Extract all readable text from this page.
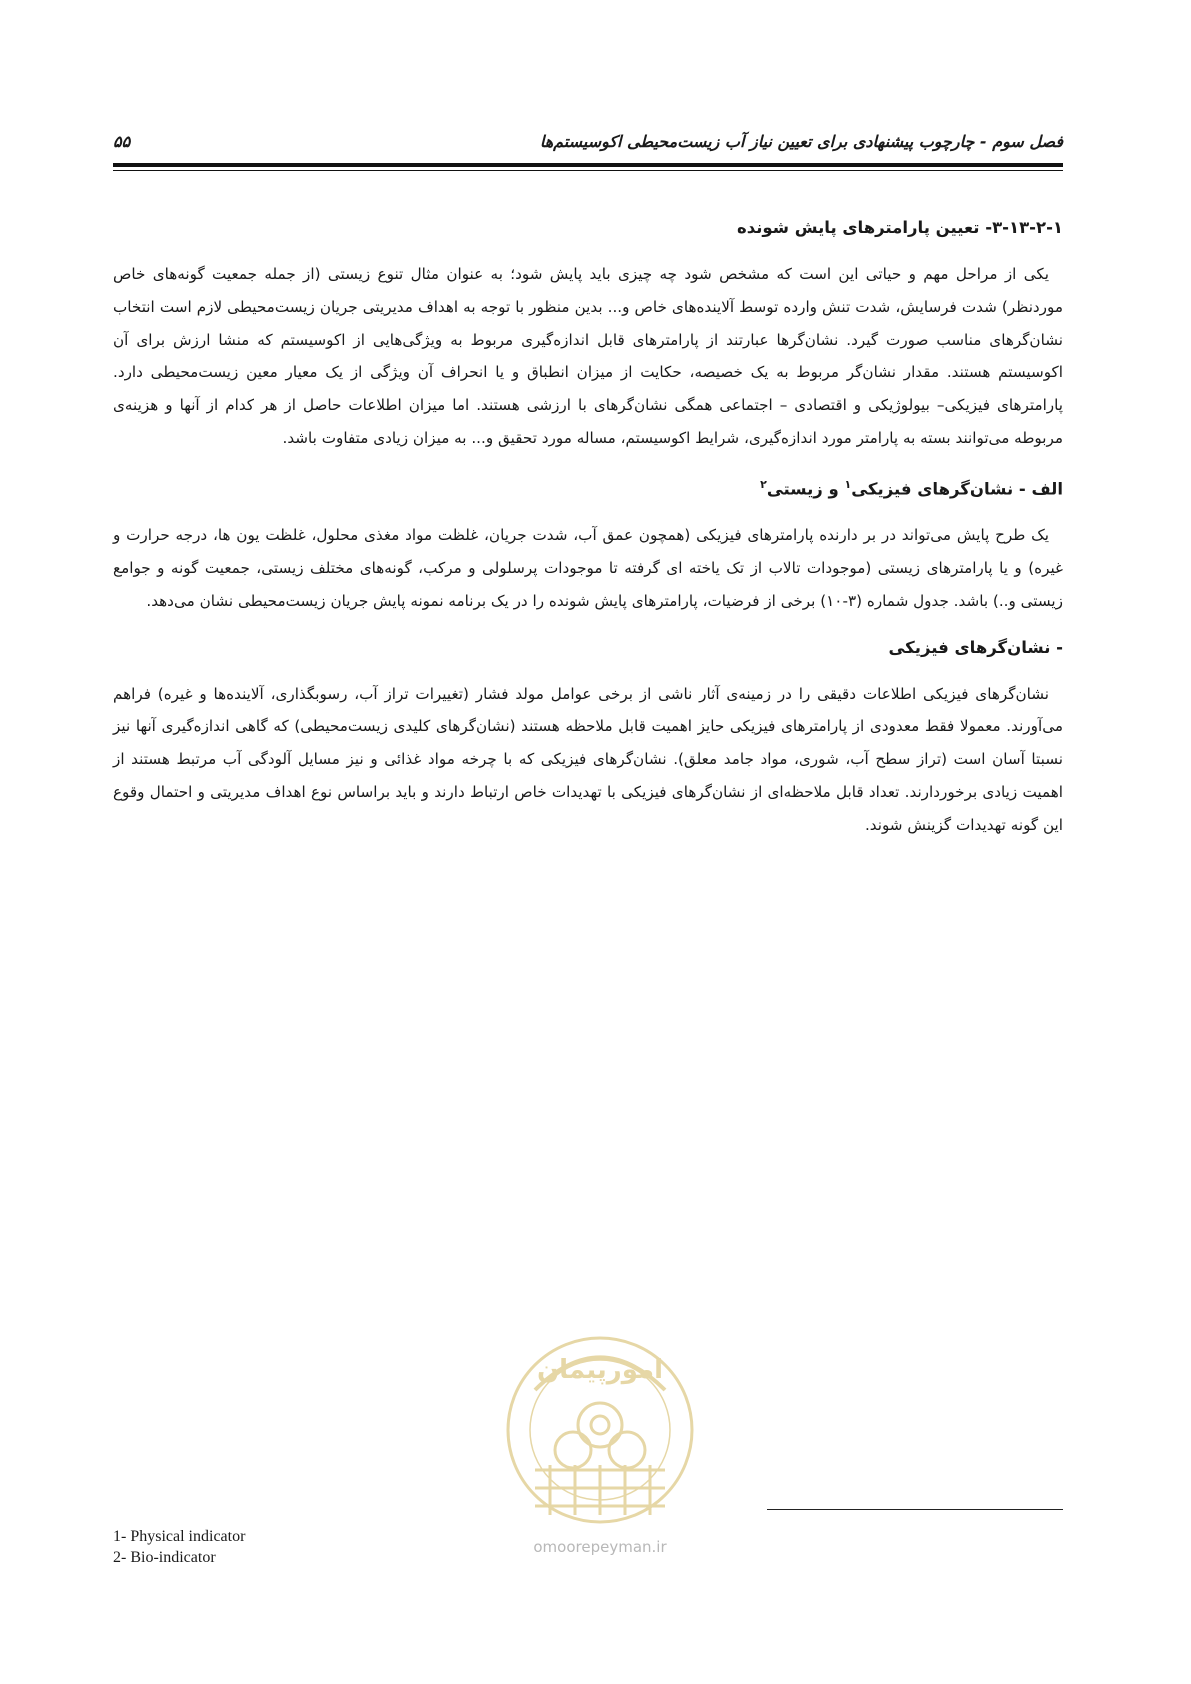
فصل سوم - چارچوب پیشنهادی برای تعیین نیاز آب زیست‌محیطی اکوسیستم‌ها
۵۵
۳-۱۳-۲-۱- تعیین پارامترهای پایش شونده

یکی از مراحل مهم و حیاتی این است که مشخص شود چه چیزی باید پایش شود؛ به عنوان مثال تنوع زیستی (از جمله جمعیت گونه‌های خاص موردنظر) شدت فرسایش، شدت تنش وارده توسط آلاینده‌های خاص و... بدین منظور با توجه به اهداف مدیریتی جریان زیست‌محیطی لازم است انتخاب نشان‌گرهای مناسب صورت گیرد. نشان‌گرها عبارتند از پارامترهای قابل اندازه‌گیری مربوط به ویژگی‌هایی از اکوسیستم که منشا ارزش برای آن اکوسیستم هستند. مقدار نشان‌گر مربوط به یک خصیصه، حکایت از میزان انطباق و یا انحراف آن ویژگی از یک معیار معین زیست‌محیطی دارد. پارامترهای فیزیکی– بیولوژیکی و اقتصادی – اجتماعی همگی نشان‌گرهای با ارزشی هستند. اما میزان اطلاعات حاصل از هر کدام از آنها و هزینه‌ی مربوطه می‌توانند بسته به پارامتر مورد اندازه‌گیری، شرایط اکوسیستم، مساله مورد تحقیق و... به میزان زیادی متفاوت باشد.

الف - نشان‌گرهای فیزیکی$^۱$ و زیستی$^۲$

یک طرح پایش می‌تواند در بر دارنده پارامترهای فیزیکی (همچون عمق آب، شدت جریان، غلظت مواد مغذی محلول، غلظت یون ها، درجه حرارت و غیره) و یا پارامترهای زیستی (موجودات تالاب از تک یاخته ای گرفته تا موجودات پرسلولی و مرکب، گونه‌های مختلف زیستی، جمعیت گونه و جوامع زیستی و..) باشد. جدول شماره (۳-۱۰) برخی از فرضیات، پارامترهای پایش شونده را در یک برنامه نمونه پایش جریان زیست‌محیطی نشان می‌دهد.

- نشان‌گرهای فیزیکی

نشان‌گرهای فیزیکی اطلاعات دقیقی را در زمینه‌ی آثار ناشی از برخی عوامل مولد فشار (تغییرات تراز آب، رسوبگذاری، آلاینده‌ها و غیره) فراهم می‌آورند. معمولا فقط معدودی از پارامترهای فیزیکی حایز اهمیت قابل ملاحظه هستند (نشان‌گرهای کلیدی زیست‌محیطی) که گاهی اندازه‌گیری آنها نیز نسبتا آسان است (تراز سطح آب، شوری، مواد جامد معلق). نشان‌گرهای فیزیکی که با چرخه مواد غذائی و نیز مسایل آلودگی آب مرتبط هستند از اهمیت زیادی برخوردارند. تعداد قابل ملاحظه‌ای از نشان‌گرهای فیزیکی با تهدیدات خاص ارتباط دارند و باید براساس نوع اهداف مدیریتی و احتمال وقوع این گونه تهدیدات گزینش شوند.

امورپیمان
omoorepeyman.ir
1- Physical indicator
2- Bio-indicator
